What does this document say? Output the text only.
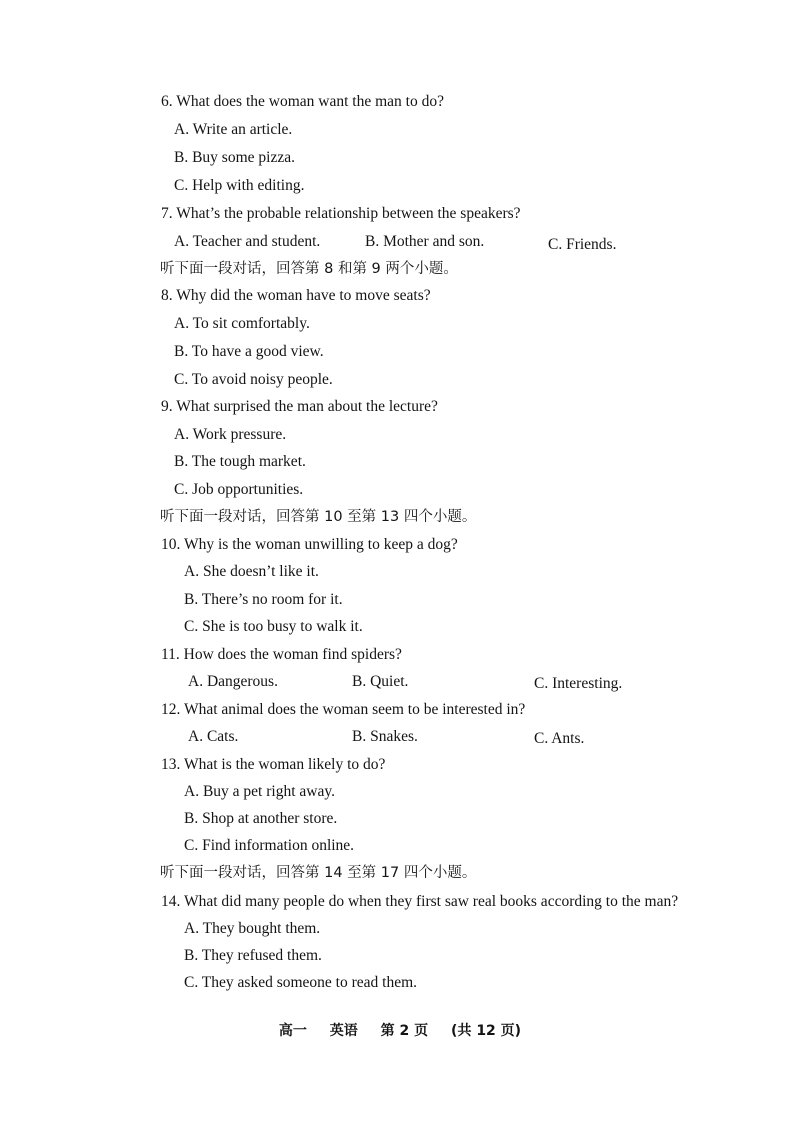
6. What does the woman want the man to do?
A. Write an article.
B. Buy some pizza.
C. Help with editing.
7. What’s the probable relationship between the speakers?
A. Teacher and student.	B. Mother and son.	C. Friends.
听下面一段对话，回答第 8 和第 9 两个小题。
8. Why did the woman have to move seats?
A. To sit comfortably.
B. To have a good view.
C. To avoid noisy people.
9. What surprised the man about the lecture?
A. Work pressure.
B. The tough market.
C. Job opportunities.
听下面一段对话，回答第 10 至第 13 四个小题。
10. Why is the woman unwilling to keep a dog?
A. She doesn’t like it.
B. There’s no room for it.
C. She is too busy to walk it.
11. How does the woman find spiders?
A. Dangerous.	B. Quiet.	C. Interesting.
12. What animal does the woman seem to be interested in?
A. Cats.	B. Snakes.	C. Ants.
13. What is the woman likely to do?
A. Buy a pet right away.
B. Shop at another store.
C. Find information online.
听下面一段对话，回答第 14 至第 17 四个小题。
14. What did many people do when they first saw real books according to the man?
A. They bought them.
B. They refused them.
C. They asked someone to read them.
高一 英语 第 2 页 (共 12 页)
